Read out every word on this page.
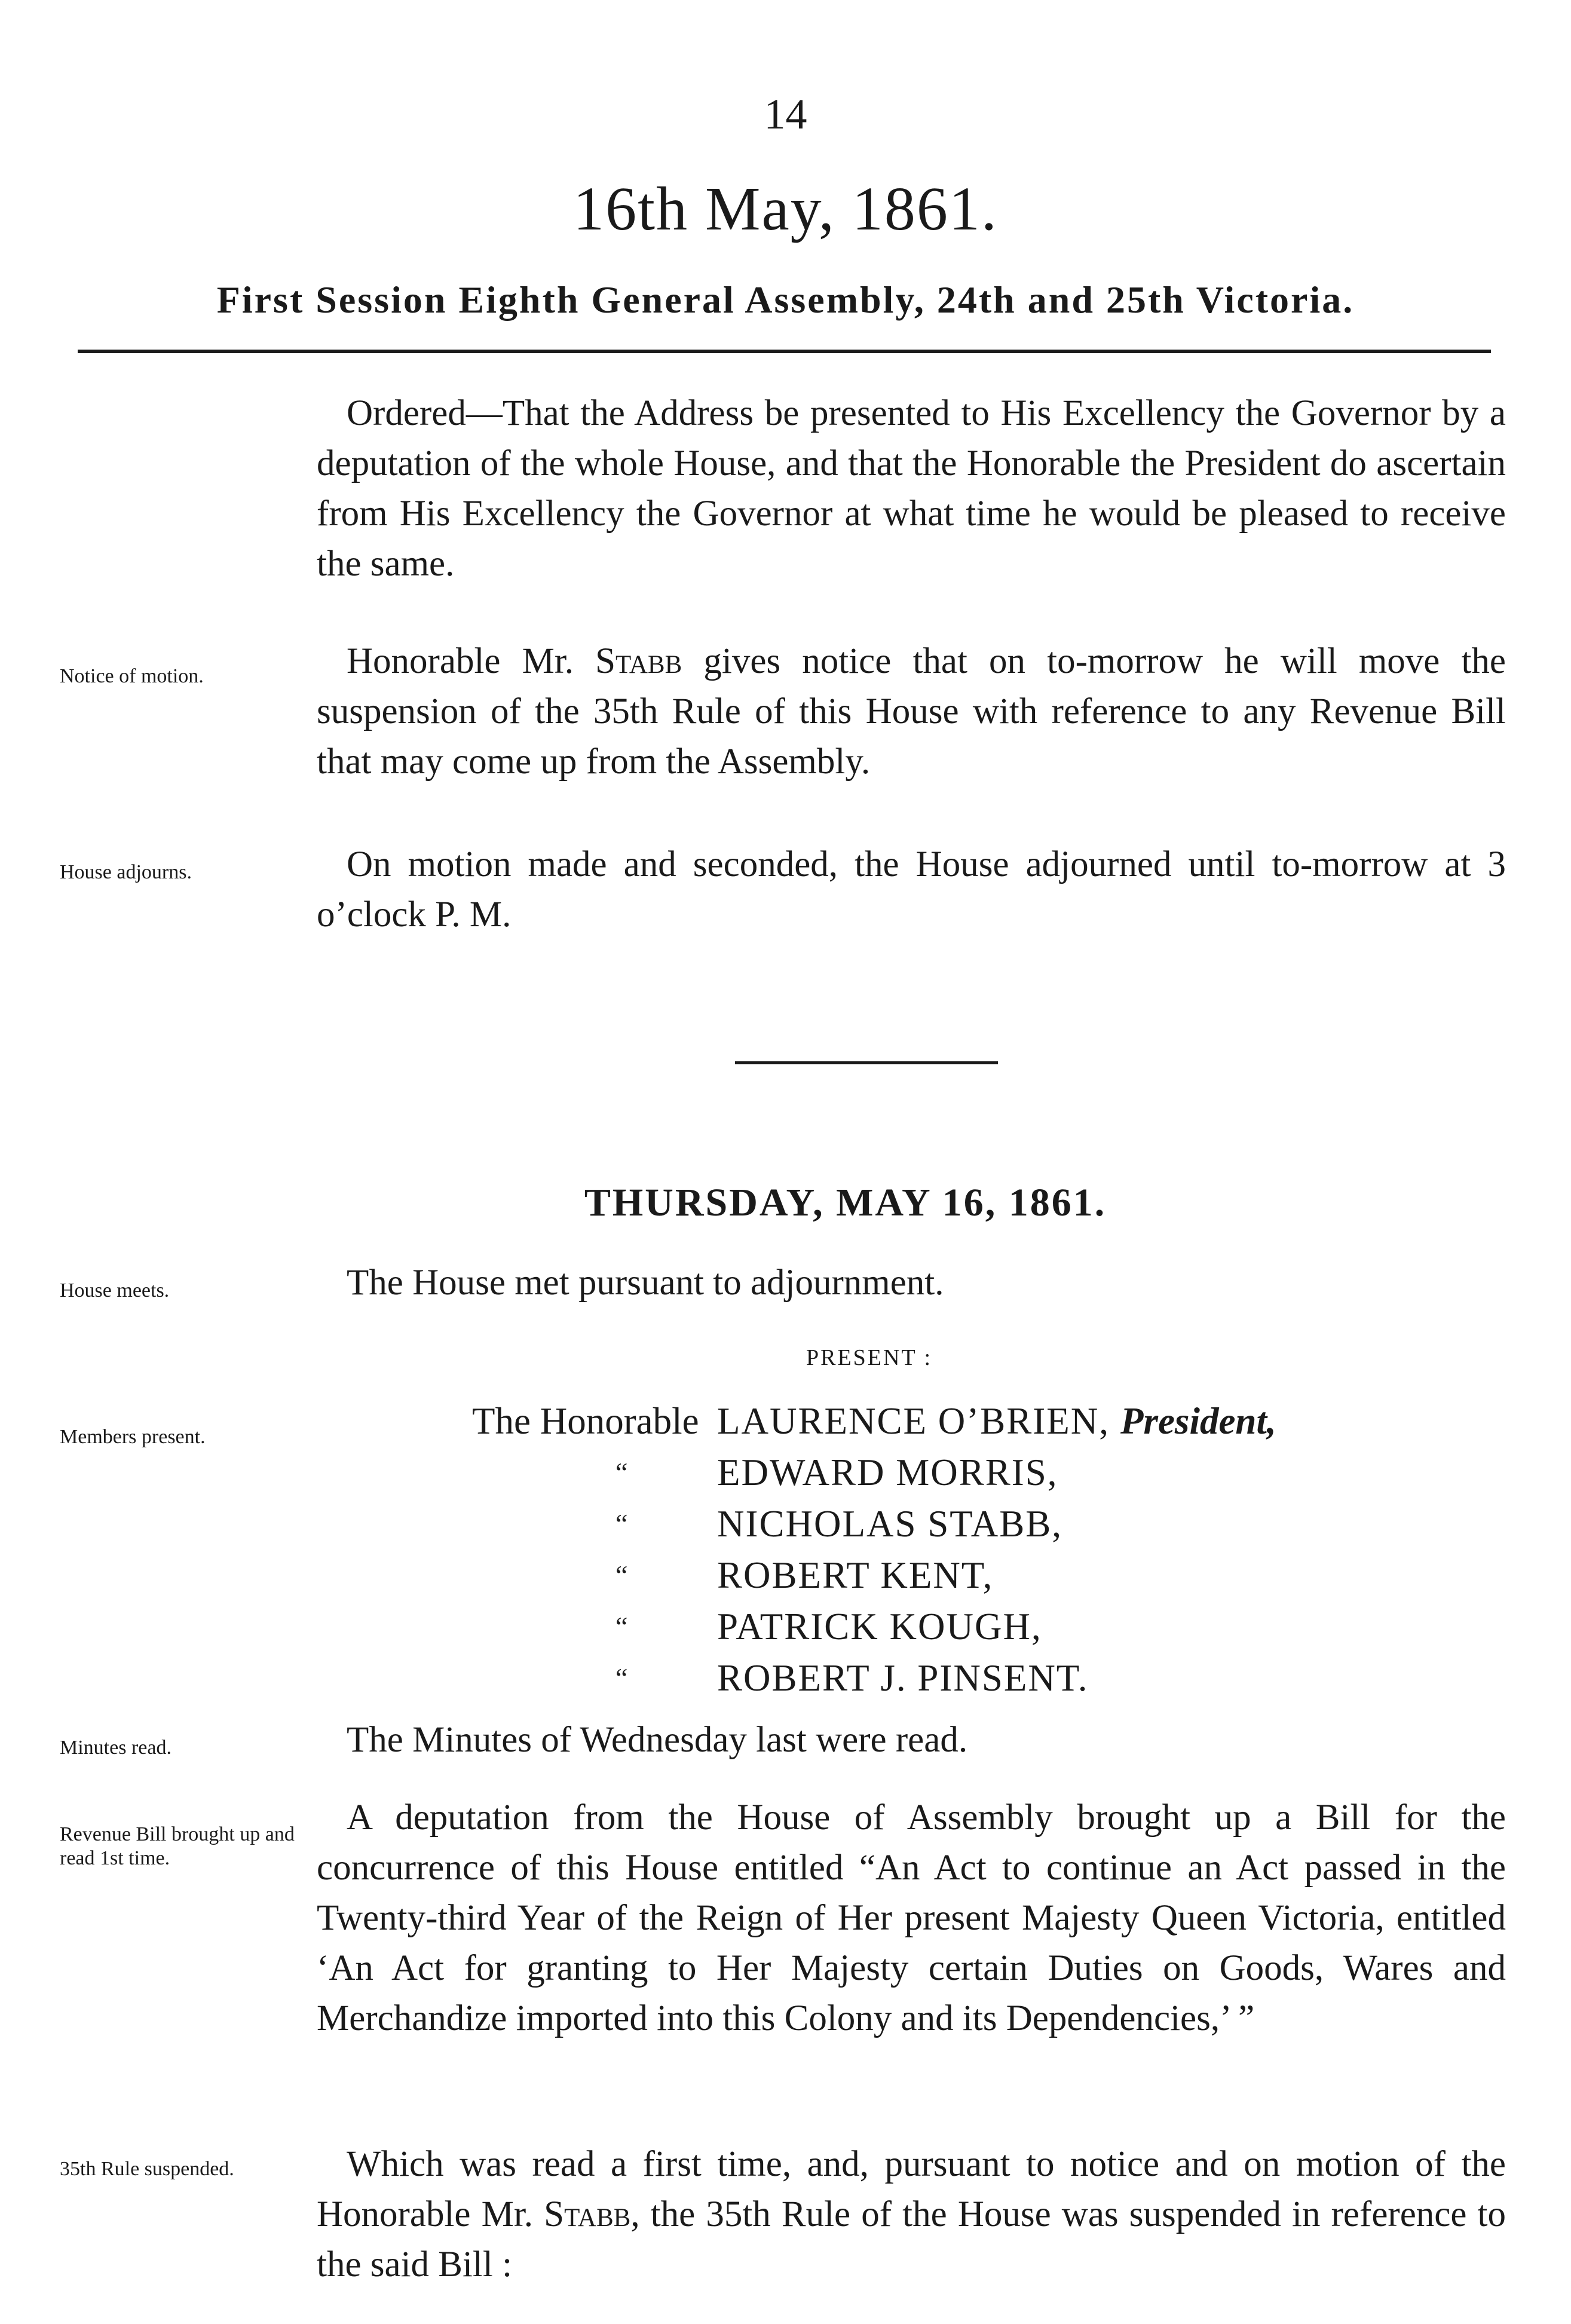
14
16th May, 1861.
First Session Eighth General Assembly, 24th and 25th Victoria.
Ordered—That the Address be presented to His Excellency the Governor by a deputation of the whole House, and that the Honorable the President do ascertain from His Excellency the Governor at what time he would be pleased to receive the same.
Notice of motion.	Honorable Mr. Stabb gives notice that on to-morrow he will move the suspension of the 35th Rule of this House with reference to any Revenue Bill that may come up from the Assembly.
House adjourns.	On motion made and seconded, the House adjourned until to-morrow at 3 o’clock P. M.
THURSDAY, MAY 16, 1861.
House meets.	The House met pursuant to adjournment.
PRESENT :
Members present.	The Honorable LAURENCE O’BRIEN, President,
“	EDWARD MORRIS,
“	NICHOLAS STABB,
“	ROBERT KENT,
“	PATRICK KOUGH,
“	ROBERT J. PINSENT.
Minutes read.	The Minutes of Wednesday last were read.
Revenue Bill brought up and read 1st time.
A deputation from the House of Assembly brought up a Bill for the concurrence of this House entitled “An Act to continue an Act passed in the Twenty-third Year of the Reign of Her present Majesty Queen Victoria, entitled ‘An Act for granting to Her Majesty certain Duties on Goods, Wares and Merchandize imported into this Colony and its Dependencies,’ ”
35th Rule suspended.	Which was read a first time, and, pursuant to notice and on motion of the Honorable Mr. Stabb, the 35th Rule of the House was suspended in reference to the said Bill :
